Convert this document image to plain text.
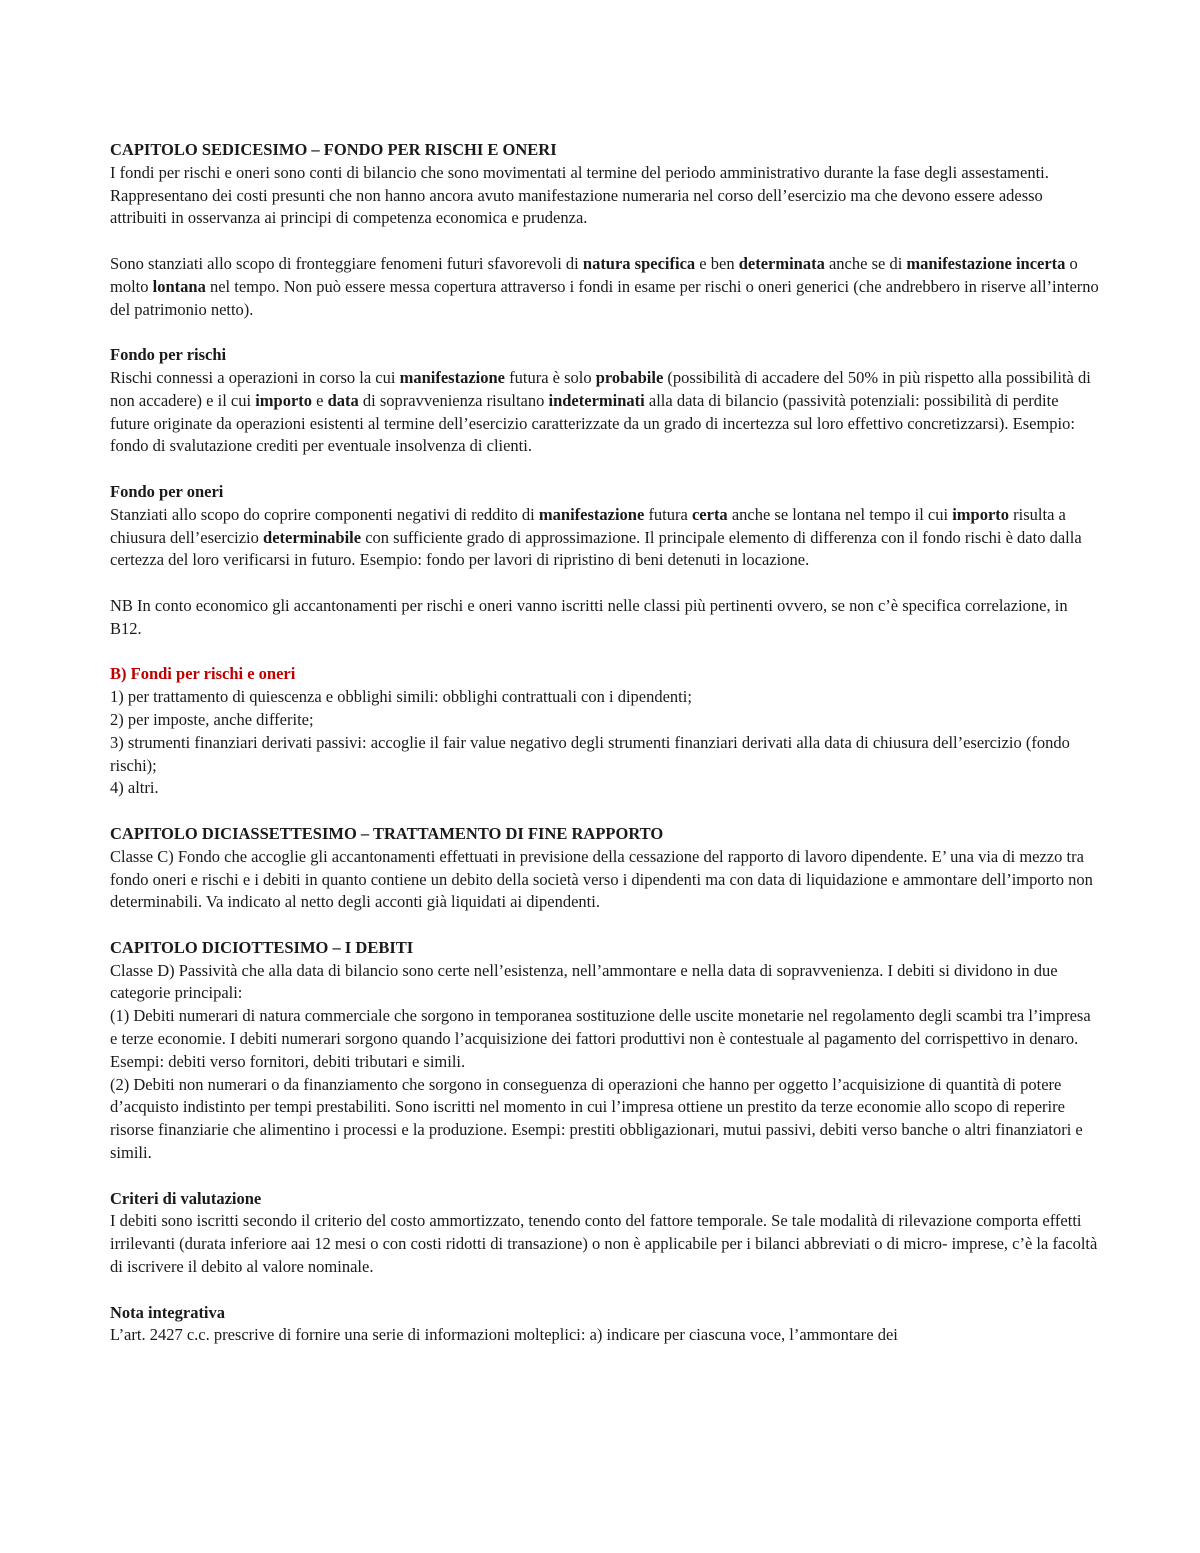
CAPITOLO SEDICESIMO – FONDO PER RISCHI E ONERI

I fondi per rischi e oneri sono conti di bilancio che sono movimentati al termine del periodo amministrativo durante la fase degli assestamenti. Rappresentano dei costi presunti che non hanno ancora avuto manifestazione numeraria nel corso dell’esercizio ma che devono essere adesso attribuiti in osservanza ai principi di competenza economica e prudenza.

Sono stanziati allo scopo di fronteggiare fenomeni futuri sfavorevoli di natura specifica e ben determinata anche se di manifestazione incerta o molto lontana nel tempo. Non può essere messa copertura attraverso i fondi in esame per rischi o oneri generici (che andrebbero in riserve all’interno del patrimonio netto).

Fondo per rischi

Rischi connessi a operazioni in corso la cui manifestazione futura è solo probabile (possibilità di accadere del 50% in più rispetto alla possibilità di non accadere) e il cui importo e data di sopravvenienza risultano indeterminati alla data di bilancio (passività potenziali: possibilità di perdite future originate da operazioni esistenti al termine dell’esercizio caratterizzate da un grado di incertezza sul loro effettivo concretizzarsi). Esempio: fondo di svalutazione crediti per eventuale insolvenza di clienti.

Fondo per oneri

Stanziati allo scopo do coprire componenti negativi di reddito di manifestazione futura certa anche se lontana nel tempo il cui importo risulta a chiusura dell’esercizio determinabile con sufficiente grado di approssimazione. Il principale elemento di differenza con il fondo rischi è dato dalla certezza del loro verificarsi in futuro. Esempio: fondo per lavori di ripristino di beni detenuti in locazione.

NB In conto economico gli accantonamenti per rischi e oneri vanno iscritti nelle classi più pertinenti ovvero, se non c’è specifica correlazione, in B12.

B) Fondi per rischi e oneri

1) per trattamento di quiescenza e obblighi simili: obblighi contrattuali con i dipendenti;

2) per imposte, anche differite;

3) strumenti finanziari derivati passivi: accoglie il fair value negativo degli strumenti finanziari derivati alla data di chiusura dell’esercizio (fondo rischi);

4) altri.

CAPITOLO DICIASSETTESIMO – TRATTAMENTO DI FINE RAPPORTO

Classe C) Fondo che accoglie gli accantonamenti effettuati in previsione della cessazione del rapporto di lavoro dipendente. E’ una via di mezzo tra fondo oneri e rischi e i debiti in quanto contiene un debito della società verso i dipendenti ma con data di liquidazione e ammontare dell’importo non determinabili. Va indicato al netto degli acconti già liquidati ai dipendenti.

CAPITOLO DICIOTTESIMO – I DEBITI

Classe D) Passività che alla data di bilancio sono certe nell’esistenza, nell’ammontare e nella data di sopravvenienza. I debiti si dividono in due categorie principali:

(1) Debiti numerari di natura commerciale che sorgono in temporanea sostituzione delle uscite monetarie nel regolamento degli scambi tra l’impresa e terze economie. I debiti numerari sorgono quando l’acquisizione dei fattori produttivi non è contestuale al pagamento del corrispettivo in denaro. Esempi: debiti verso fornitori, debiti tributari e simili.

(2) Debiti non numerari o da finanziamento che sorgono in conseguenza di operazioni che hanno per oggetto l’acquisizione di quantità di potere d’acquisto indistinto per tempi prestabiliti. Sono iscritti nel momento in cui l’impresa ottiene un prestito da terze economie allo scopo di reperire risorse finanziarie che alimentino i processi e la produzione. Esempi: prestiti obbligazionari, mutui passivi, debiti verso banche o altri finanziatori e simili.

Criteri di valutazione

I debiti sono iscritti secondo il criterio del costo ammortizzato, tenendo conto del fattore temporale. Se tale modalità di rilevazione comporta effetti irrilevanti (durata inferiore aai 12 mesi o con costi ridotti di transazione) o non è applicabile per i bilanci abbreviati o di micro- imprese, c’è la facoltà di iscrivere il debito al valore nominale.

Nota integrativa

L’art. 2427 c.c. prescrive di fornire una serie di informazioni molteplici: a) indicare per ciascuna voce, l’ammontare dei
